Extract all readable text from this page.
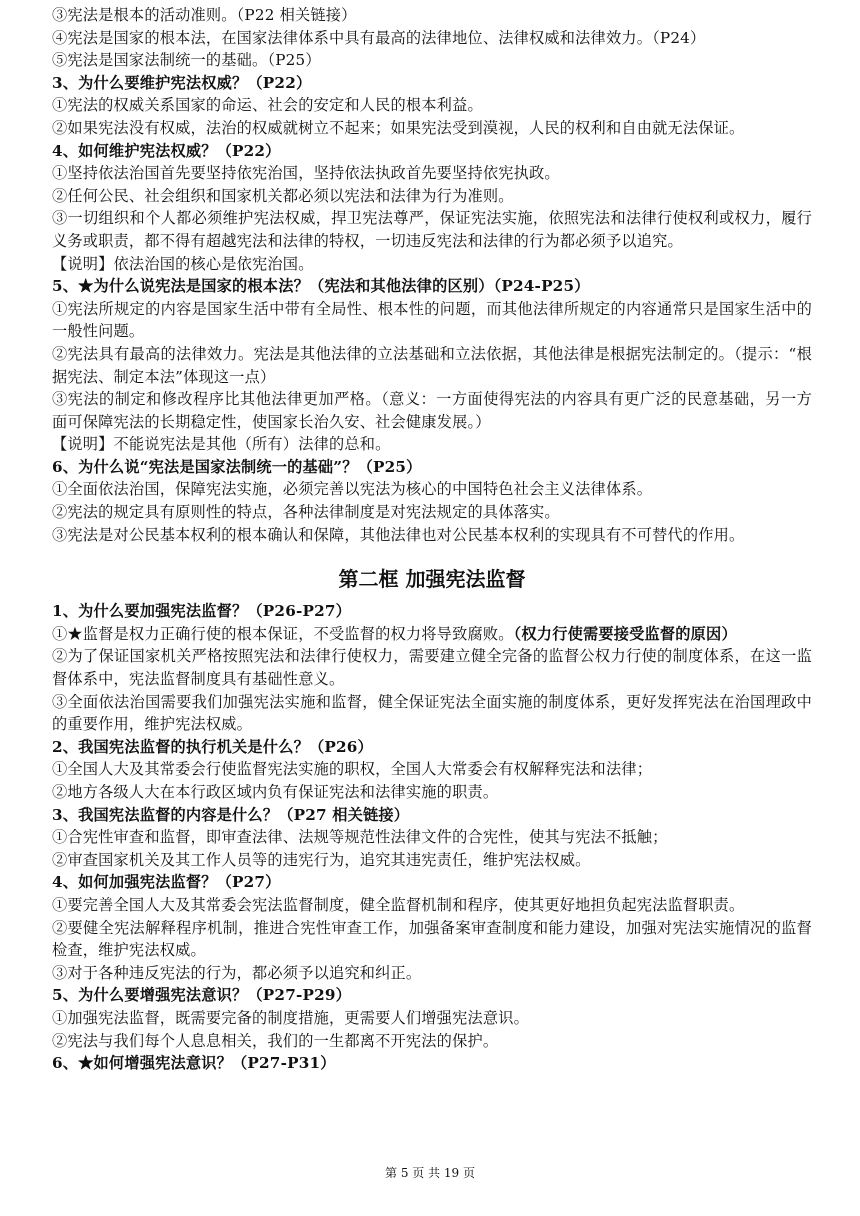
③宪法是根本的活动准则。（P22 相关链接）
④宪法是国家的根本法，在国家法律体系中具有最高的法律地位、法律权威和法律效力。（P24）
⑤宪法是国家法制统一的基础。（P25）
3、为什么要维护宪法权威？（P22）
①宪法的权威关系国家的命运、社会的安定和人民的根本利益。
②如果宪法没有权威，法治的权威就树立不起来；如果宪法受到漠视，人民的权利和自由就无法保证。
4、如何维护宪法权威？（P22）
①坚持依法治国首先要坚持依宪治国，坚持依法执政首先要坚持依宪执政。
②任何公民、社会组织和国家机关都必须以宪法和法律为行为准则。
③一切组织和个人都必须维护宪法权威，捍卫宪法尊严，保证宪法实施，依照宪法和法律行使权利或权力，履行义务或职责，都不得有超越宪法和法律的特权，一切违反宪法和法律的行为都必须予以追究。
【说明】依法治国的核心是依宪治国。
5、★为什么说宪法是国家的根本法？（宪法和其他法律的区别）（P24-P25）
①宪法所规定的内容是国家生活中带有全局性、根本性的问题，而其他法律所规定的内容通常只是国家生活中的一般性问题。
②宪法具有最高的法律效力。宪法是其他法律的立法基础和立法依据，其他法律是根据宪法制定的。（提示：“根据宪法、制定本法”体现这一点）
③宪法的制定和修改程序比其他法律更加严格。（意义：一方面使得宪法的内容具有更广泛的民意基础，另一方面可保障宪法的长期稳定性，使国家长治久安、社会健康发展。）
【说明】不能说宪法是其他（所有）法律的总和。
6、为什么说“宪法是国家法制统一的基础”？（P25）
①全面依法治国，保障宪法实施，必须完善以宪法为核心的中国特色社会主义法律体系。
②宪法的规定具有原则性的特点，各种法律制度是对宪法规定的具体落实。
③宪法是对公民基本权利的根本确认和保障，其他法律也对公民基本权利的实现具有不可替代的作用。
第二框 加强宪法监督
1、为什么要加强宪法监督？（P26-P27）
①★监督是权力正确行使的根本保证，不受监督的权力将导致腐败。（权力行使需要接受监督的原因）
②为了保证国家机关严格按照宪法和法律行使权力，需要建立健全完备的监督公权力行使的制度体系，在这一监督体系中，宪法监督制度具有基础性意义。
③全面依法治国需要我们加强宪法实施和监督，健全保证宪法全面实施的制度体系，更好发挥宪法在治国理政中的重要作用，维护宪法权威。
2、我国宪法监督的执行机关是什么？（P26）
①全国人大及其常委会行使监督宪法实施的职权，全国人大常委会有权解释宪法和法律；
②地方各级人大在本行政区域内负有保证宪法和法律实施的职责。
3、我国宪法监督的内容是什么？（P27 相关链接）
①合宪性审查和监督，即审查法律、法规等规范性法律文件的合宪性，使其与宪法不抵触；
②审查国家机关及其工作人员等的违宪行为，追究其违宪责任，维护宪法权威。
4、如何加强宪法监督？（P27）
①要完善全国人大及其常委会宪法监督制度，健全监督机制和程序，使其更好地担负起宪法监督职责。
②要健全宪法解释程序机制，推进合宪性审查工作，加强备案审查制度和能力建设，加强对宪法实施情况的监督检查，维护宪法权威。
③对于各种违反宪法的行为，都必须予以追究和纠正。
5、为什么要增强宪法意识？（P27-P29）
①加强宪法监督，既需要完备的制度措施，更需要人们增强宪法意识。
②宪法与我们每个人息息相关，我们的一生都离不开宪法的保护。
6、★如何增强宪法意识？（P27-P31）
第 5 页 共 19 页
